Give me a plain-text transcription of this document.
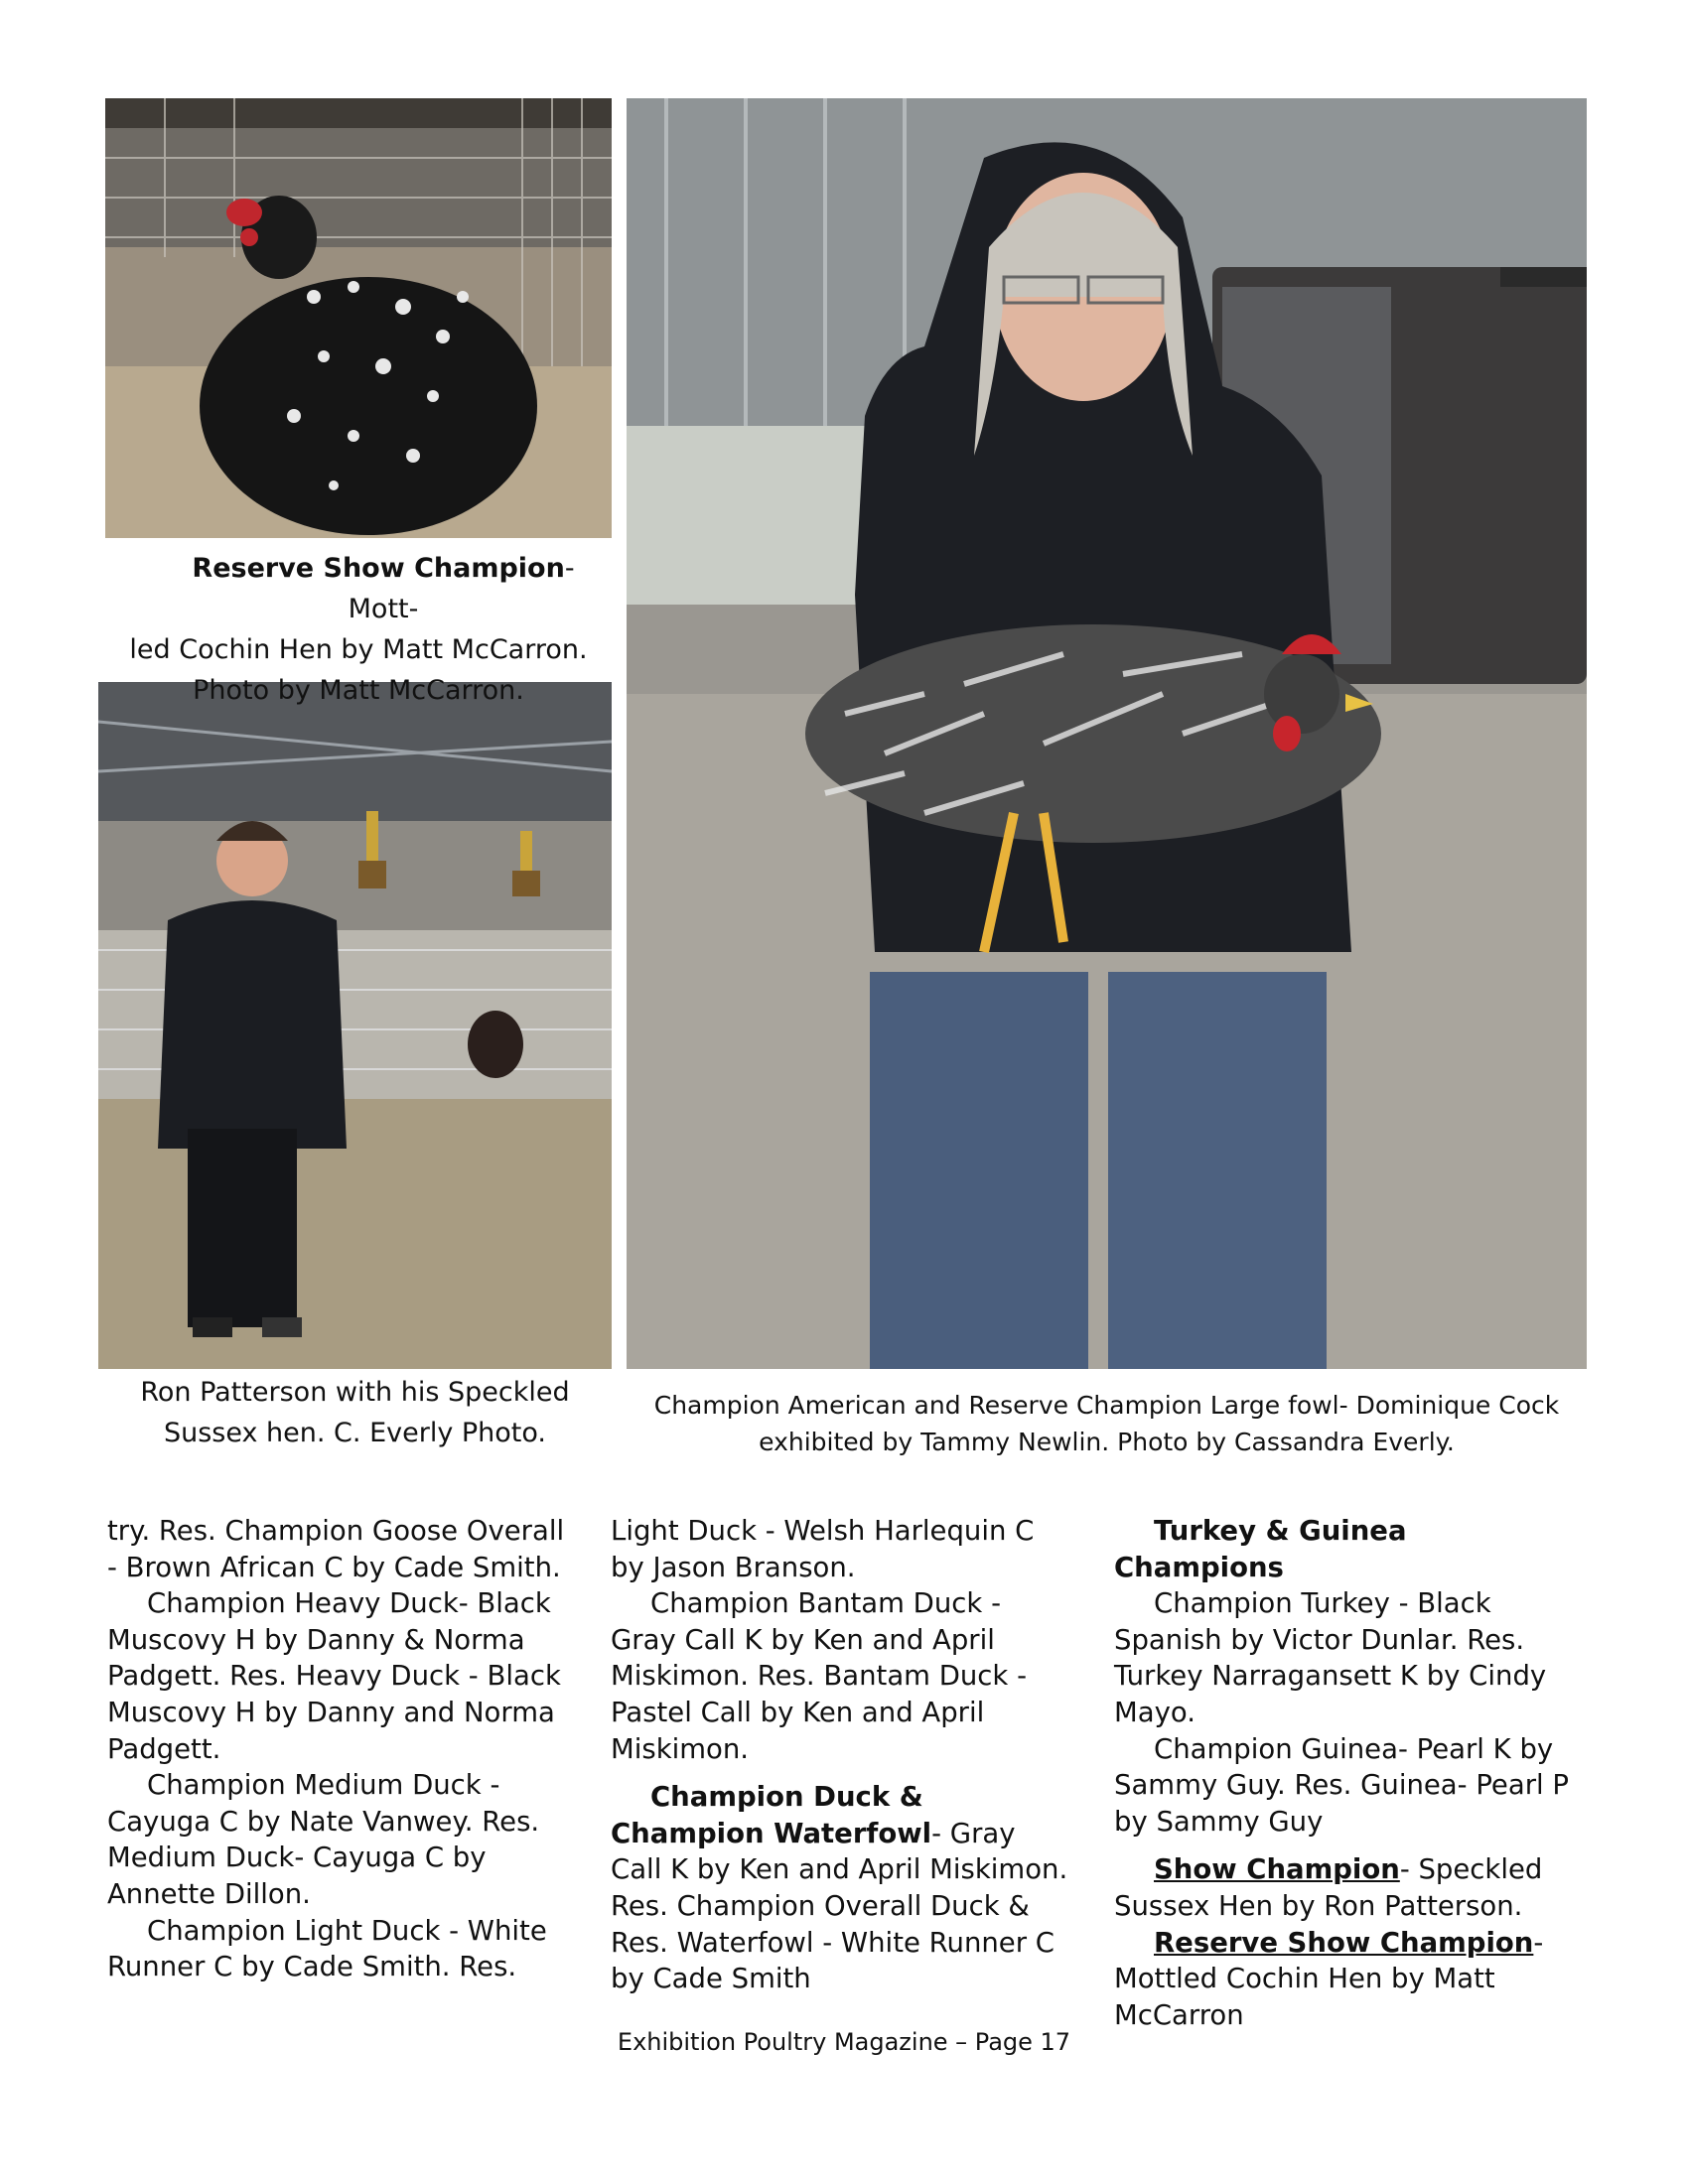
Reserve Show Champion- Mott-

led Cochin Hen by Matt McCarron.

Photo by Matt McCarron.

Ron Patterson with his Speckled

Sussex hen. C. Everly Photo.

Champion American and Reserve Champion Large fowl- Dominique Cock

exhibited by Tammy Newlin. Photo by Cassandra Everly.

try. Res. Champion Goose Overall - Brown African C by Cade Smith.

Champion Heavy Duck- Black Muscovy H by Danny & Norma Padgett. Res. Heavy Duck - Black Muscovy H by Danny and Norma Padgett.

Champion Medium Duck - Cayuga C by Nate Vanwey. Res. Medium Duck- Cayuga C by Annette Dillon.

Champion Light Duck - White Runner C by Cade Smith. Res.

Light Duck - Welsh Harlequin C by Jason Branson.

Champion Bantam Duck - Gray Call K by Ken and April Miskimon. Res. Bantam Duck - Pastel Call by Ken and April Miskimon.

Champion Duck & Champion Waterfowl- Gray Call K by Ken and April Miskimon. Res. Champion Overall Duck & Res. Waterfowl - White Runner C by Cade Smith

Turkey & Guinea Champions

Champion Turkey - Black Spanish by Victor Dunlar. Res. Turkey Narragansett K by Cindy Mayo.

Champion Guinea- Pearl K by Sammy Guy. Res. Guinea- Pearl P by Sammy Guy

Show Champion- Speckled Sussex Hen by Ron Patterson.

Reserve Show Champion- Mottled Cochin Hen by Matt McCarron

Exhibition Poultry Magazine – Page 17
